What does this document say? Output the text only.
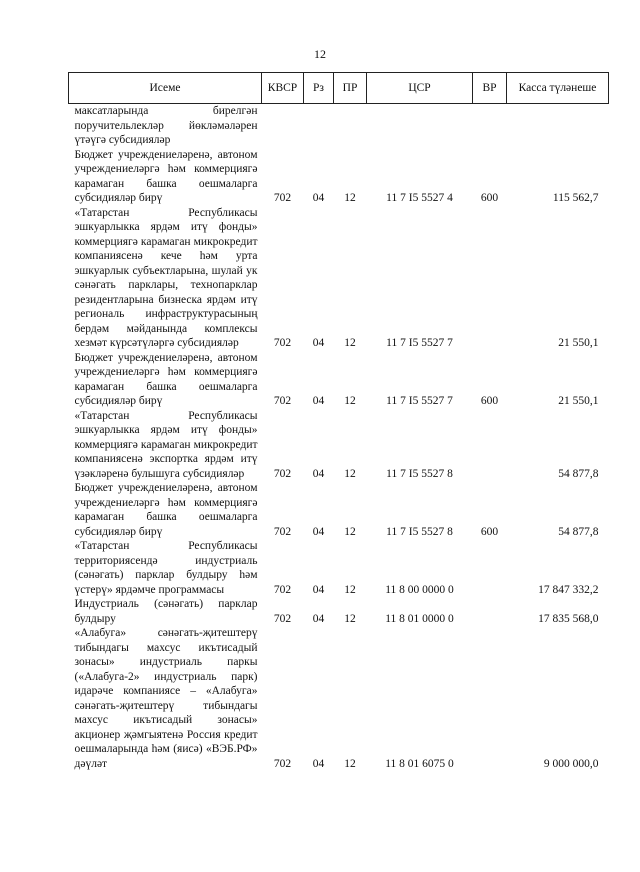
12
Исеме	КВСР	Рз	ПР	ЦСР	ВР	Касса түләнеше
максатларында бирелгән поручительлекләр йөкләмәләрен үтәүгә субсидияләр						
Бюджет учреждениеләренә, автоном учреждениеләргә һәм коммерциягә карамаган башка оешмаларга субсидияләр бирү	702	04	12	11 7 I5 5527 4	600	115 562,7
«Татарстан Республикасы эшкуарлыкка ярдәм итү фонды» коммерциягә карамаган микрокредит компаниясенә кече һәм урта эшкуарлык субъектларына, шулай ук сәнәгать парклары, технопарклар резидентларына бизнеска ярдәм итү региональ инфраструктурасының бердәм мәйданында комплексы хезмәт күрсәтүләргә субсидияләр	702	04	12	11 7 I5 5527 7		21 550,1
Бюджет учреждениеләренә, автоном учреждениеләргә һәм коммерциягә карамаган башка оешмаларга субсидияләр бирү	702	04	12	11 7 I5 5527 7	600	21 550,1
«Татарстан Республикасы эшкуарлыкка ярдәм итү фонды» коммерциягә карамаган микрокредит компаниясенә экспортка ярдәм итү үзәкләренә булышуга субсидияләр	702	04	12	11 7 I5 5527 8		54 877,8
Бюджет учреждениеләренә, автоном учреждениеләргә һәм коммерциягә карамаган башка оешмаларга субсидияләр бирү	702	04	12	11 7 I5 5527 8	600	54 877,8
«Татарстан Республикасы территориясендә индустриаль (сәнәгать) парклар булдыру һәм үстерү» ярдәмче программасы	702	04	12	11 8 00 0000 0		17 847 332,2
Индустриаль (сәнәгать) парклар булдыру	702	04	12	11 8 01 0000 0		17 835 568,0
«Алабуга» сәнәгать-җитештерү тибындагы махсус икътисадый зонасы» индустриаль паркы («Алабуга-2» индустриаль парк) идарәче компаниясе – «Алабуга» сәнәгать-җитештерү тибындагы махсус икътисадый зонасы» акционер җәмгыятенә Россия кредит оешмаларында һәм (яисә) «ВЭБ.РФ» дәүләт	702	04	12	11 8 01 6075 0		9 000 000,0
